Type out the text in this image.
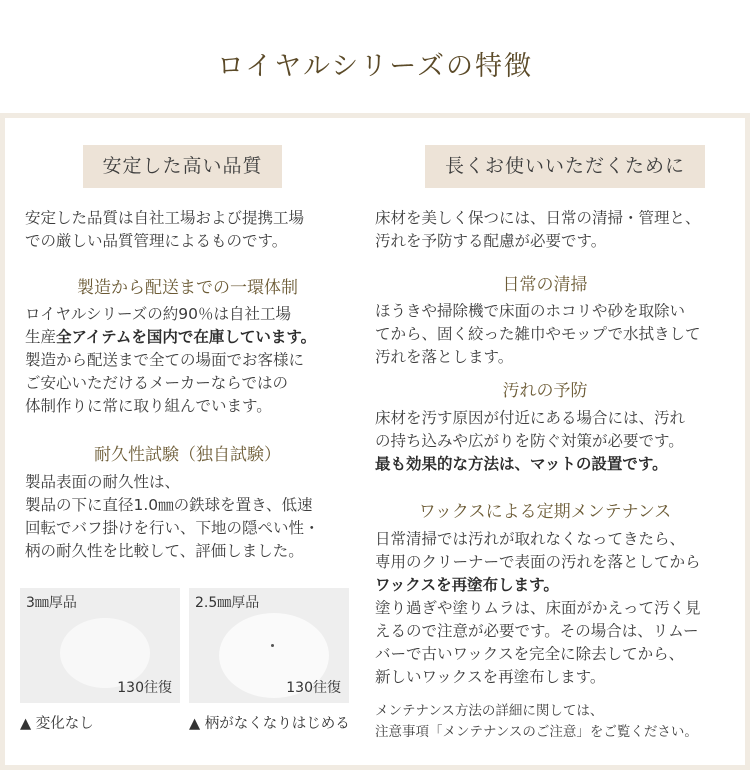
ロイヤルシリーズの特徴
安定した高い品質
安定した品質は自社工場および提携工場
での厳しい品質管理によるものです。
製造から配送までの一環体制
ロイヤルシリーズの約90％は自社工場
生産全アイテムを国内で在庫しています。
製造から配送まで全ての場面でお客様に
ご安心いただけるメーカーならではの
体制作りに常に取り組んでいます。
耐久性試験（独自試験）
製品表面の耐久性は、
製品の下に直径1.0㎜の鉄球を置き、低速
回転でバフ掛けを行い、下地の隠ぺい性・
柄の耐久性を比較して、評価しました。
3㎜厚品
130往復
▲ 変化なし
2.5㎜厚品
130往復
▲ 柄がなくなりはじめる
長くお使いいただくために
床材を美しく保つには、日常の清掃・管理と、
汚れを予防する配慮が必要です。
日常の清掃
ほうきや掃除機で床面のホコリや砂を取除い
てから、固く絞った雑巾やモップで水拭きして
汚れを落とします。
汚れの予防
床材を汚す原因が付近にある場合には、汚れ
の持ち込みや広がりを防ぐ対策が必要です。
最も効果的な方法は、マットの設置です。
ワックスによる定期メンテナンス
日常清掃では汚れが取れなくなってきたら、
専用のクリーナーで表面の汚れを落としてから
ワックスを再塗布します。
塗り過ぎや塗りムラは、床面がかえって汚く見
えるので注意が必要です。その場合は、リムー
バーで古いワックスを完全に除去してから、
新しいワックスを再塗布します。
メンテナンス方法の詳細に関しては、
注意事項「メンテナンスのご注意」をご覧ください。
